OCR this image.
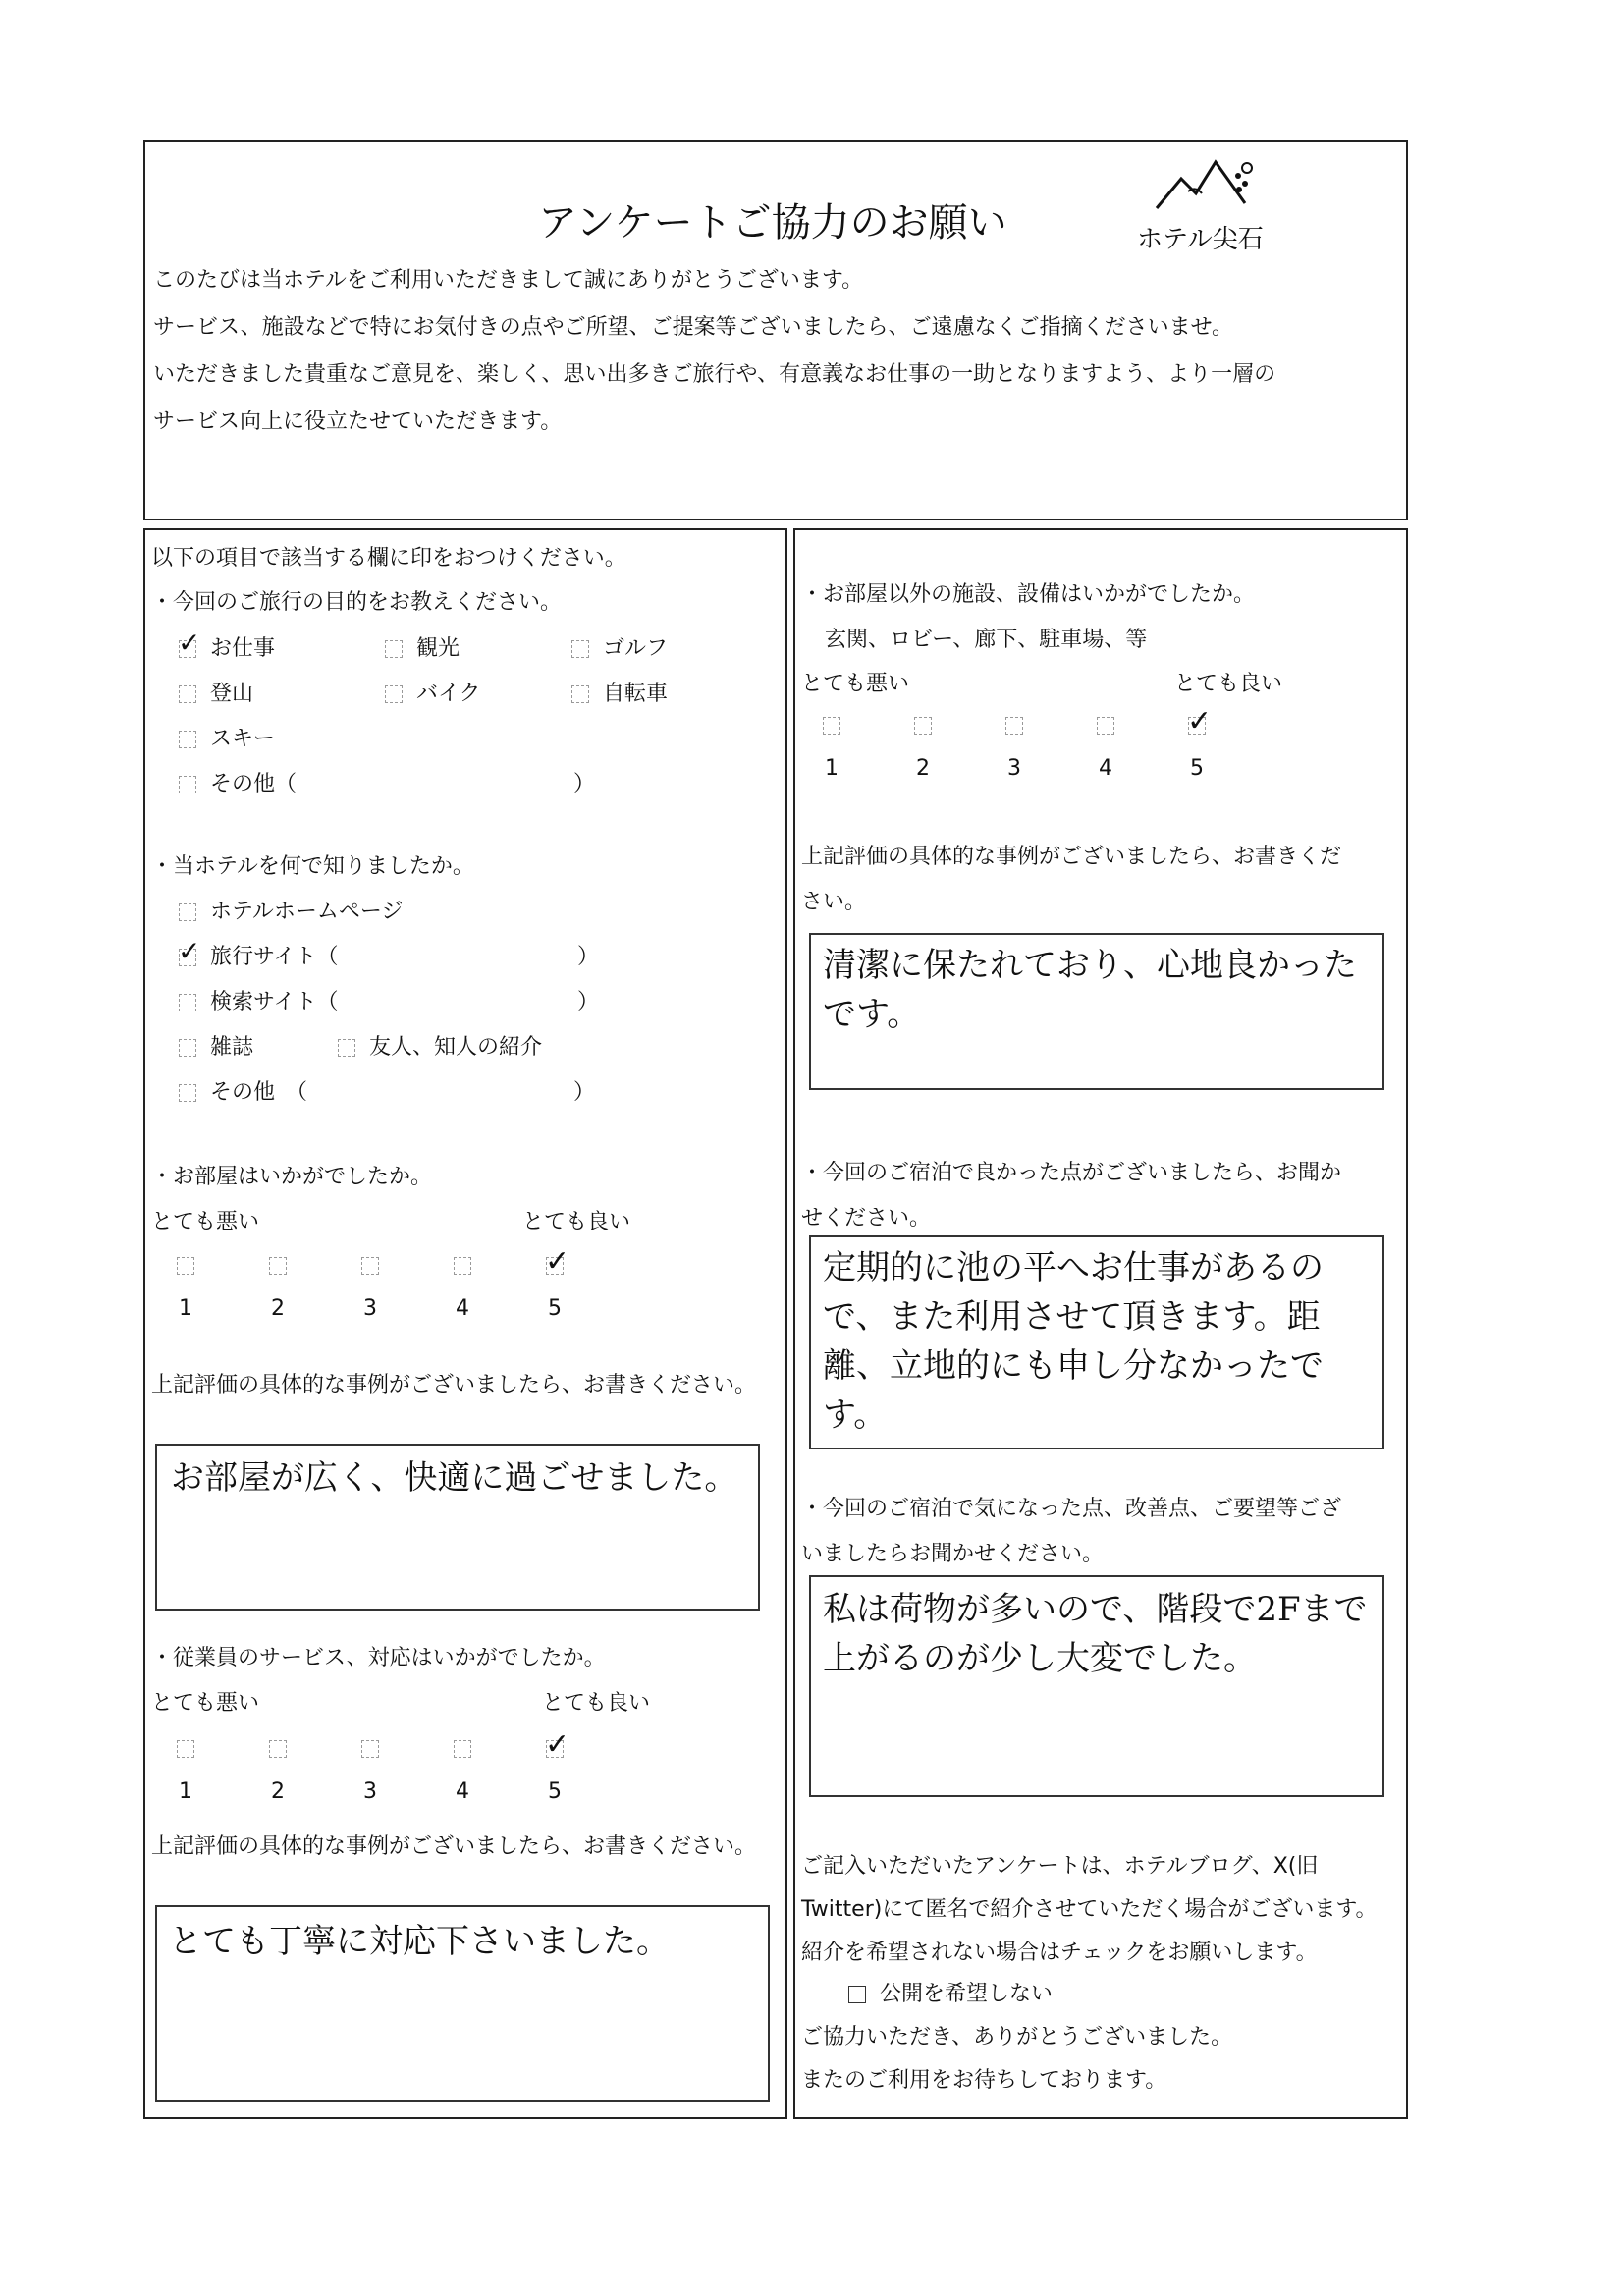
アンケートご協力のお願い	ホテル尖石
このたびは当ホテルをご利用いただきまして誠にありがとうございます。
サービス、施設などで特にお気付きの点やご所望、ご提案等ございましたら、ご遠慮なくご指摘くださいませ。
いただきました貴重なご意見を、楽しく、思い出多きご旅行や、有意義なお仕事の一助となりますよう、より一層の
サービス向上に役立たせていただきます。
以下の項目で該当する欄に印をおつけください。
・今回のご旅行の目的をお教えください。
✓お仕事	観光	ゴルフ
登山	バイク	自転車
スキー
その他（	）
・当ホテルを何で知りましたか。
ホテルホームページ
✓旅行サイト（	）
検索サイト（	）
雑誌	友人、知人の紹介
その他　（	）
・お部屋はいかがでしたか。
とても悪い	とても良い
1	2	3	4
✓	5
上記評価の具体的な事例がございましたら、お書きください。
お部屋が広く、快適に過ごせました。
・従業員のサービス、対応はいかがでしたか。
とても悪い	とても良い
1	2	3	4
✓	5
上記評価の具体的な事例がございましたら、お書きください。
とても丁寧に対応下さいました。
・お部屋以外の施設、設備はいかがでしたか。
玄関、ロビー、廊下、駐車場、等
とても悪い	とても良い
1	2	3	4
✓	5
上記評価の具体的な事例がございましたら、お書きくだ
さい。
清潔に保たれており、心地良かったです。
・今回のご宿泊で良かった点がございましたら、お聞か
せください。
定期的に池の平へお仕事があるので、また利用させて頂きます。距離、立地的にも申し分なかったです。
・今回のご宿泊で気になった点、改善点、ご要望等ござ
いましたらお聞かせください。
私は荷物が多いので、階段で2Fまで上がるのが少し大変でした。
ご記入いただいたアンケートは、ホテルブログ、X(旧
Twitter)にて匿名で紹介させていただく場合がございます。
紹介を希望されない場合はチェックをお願いします。
公開を希望しない
ご協力いただき、ありがとうございました。
またのご利用をお待ちしております。
